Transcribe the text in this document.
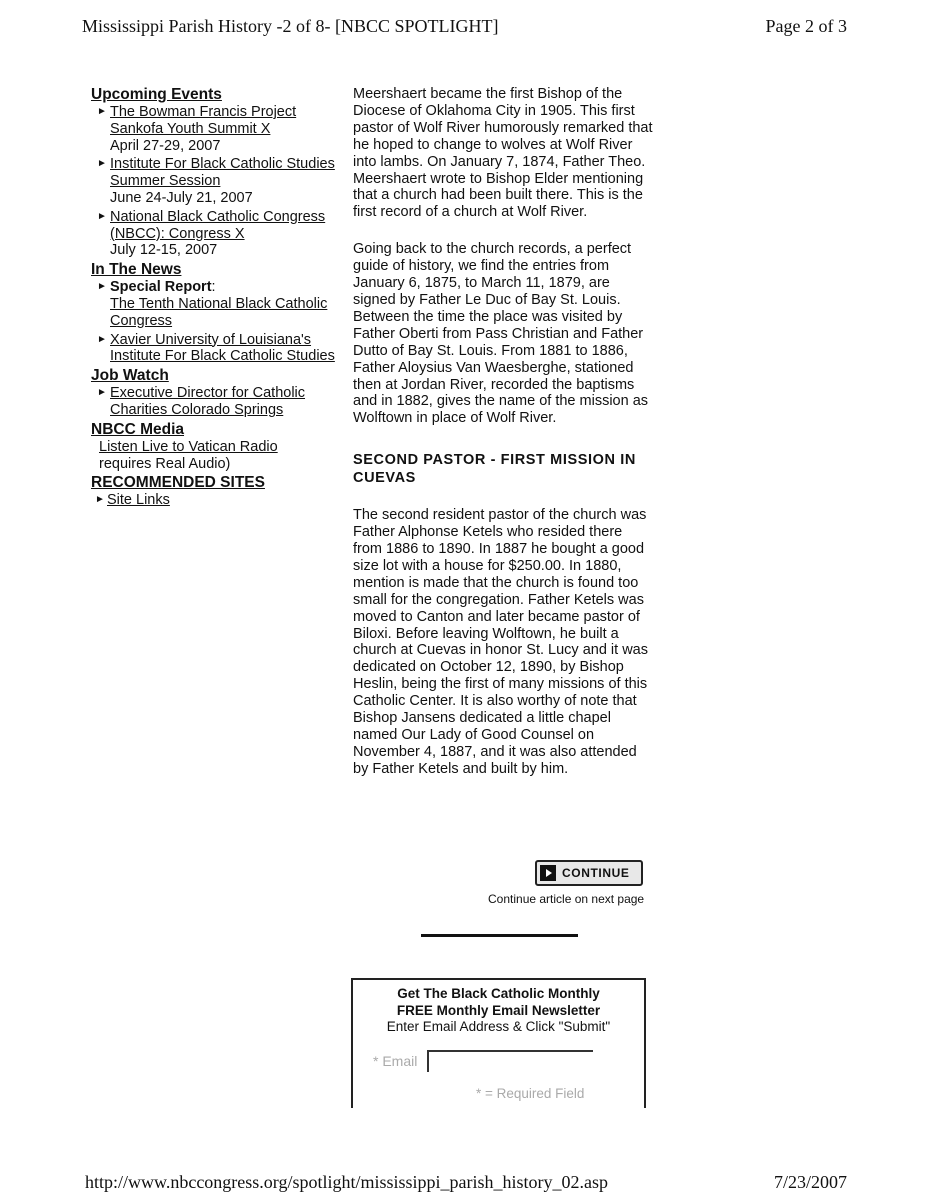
Mississippi Parish History -2 of 8- [NBCC SPOTLIGHT]	Page 2 of 3
Upcoming Events
► The Bowman Francis Project Sankofa Youth Summit X
April 27-29, 2007
► Institute For Black Catholic Studies Summer Session
June 24-July 21, 2007
► National Black Catholic Congress (NBCC): Congress X
July 12-15, 2007
In The News
► Special Report:
The Tenth National Black Catholic Congress
► Xavier University of Louisiana's Institute For Black Catholic Studies
Job Watch
► Executive Director for Catholic Charities Colorado Springs
NBCC Media
Listen Live to Vatican Radio
requires Real Audio)
RECOMMENDED SITES
► Site Links

Meershaert became the first Bishop of the Diocese of Oklahoma City in 1905. This first pastor of Wolf River humorously remarked that he hoped to change to wolves at Wolf River into lambs. On January 7, 1874, Father Theo. Meershaert wrote to Bishop Elder mentioning that a church had been built there. This is the first record of a church at Wolf River.

Going back to the church records, a perfect guide of history, we find the entries from January 6, 1875, to March 11, 1879, are signed by Father Le Duc of Bay St. Louis. Between the time the place was visited by Father Oberti from Pass Christian and Father Dutto of Bay St. Louis. From 1881 to 1886, Father Aloysius Van Waesberghe, stationed then at Jordan River, recorded the baptisms and in 1882, gives the name of the mission as Wolftown in place of Wolf River.

SECOND PASTOR - FIRST MISSION IN CUEVAS

The second resident pastor of the church was Father Alphonse Ketels who resided there from 1886 to 1890. In 1887 he bought a good size lot with a house for $250.00. In 1880, mention is made that the church is found too small for the congregation. Father Ketels was moved to Canton and later became pastor of Biloxi. Before leaving Wolftown, he built a church at Cuevas in honor St. Lucy and it was dedicated on October 12, 1890, by Bishop Heslin, being the first of many missions of this Catholic Center. It is also worthy of note that Bishop Jansens dedicated a little chapel named Our Lady of Good Counsel on November 4, 1887, and it was also attended by Father Ketels and built by him.

CONTINUE
Continue article on next page
Get The Black Catholic Monthly
FREE Monthly Email Newsletter
Enter Email Address & Click "Submit"
* Email
* = Required Field
http://www.nbccongress.org/spotlight/mississippi_parish_history_02.asp	7/23/2007
